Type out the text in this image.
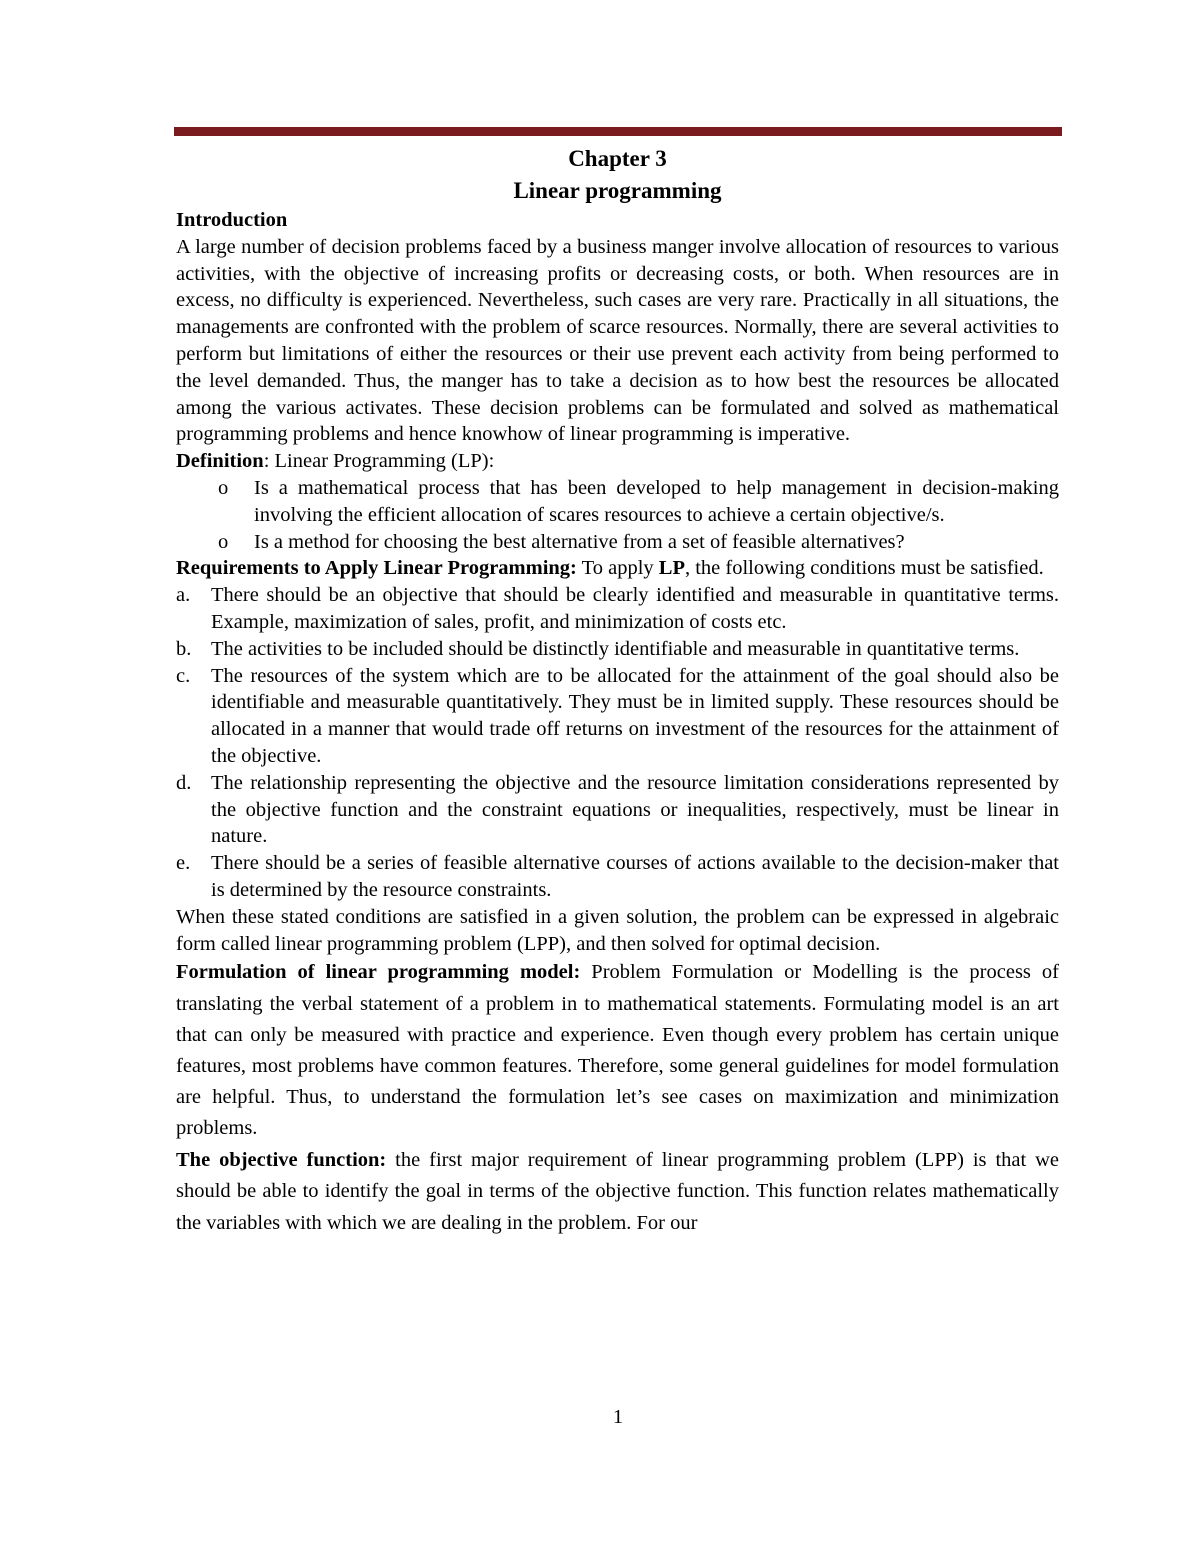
Chapter 3
Linear programming
Introduction

A large number of decision problems faced by a business manger involve allocation of resources to various activities, with the objective of increasing profits or decreasing costs, or both. When resources are in excess, no difficulty is experienced. Nevertheless, such cases are very rare. Practically in all situations, the managements are confronted with the problem of scarce resources. Normally, there are several activities to perform but limitations of either the resources or their use prevent each activity from being performed to the level demanded. Thus, the manger has to take a decision as to how best the resources be allocated among the various activates. These decision problems can be formulated and solved as mathematical programming problems and hence knowhow of linear programming is imperative.

Definition: Linear Programming (LP):

o Is a mathematical process that has been developed to help management in decision-making involving the efficient allocation of scares resources to achieve a certain objective/s.
o Is a method for choosing the best alternative from a set of feasible alternatives?

Requirements to Apply Linear Programming: To apply LP, the following conditions must be satisfied.

a. There should be an objective that should be clearly identified and measurable in quantitative terms. Example, maximization of sales, profit, and minimization of costs etc.
b. The activities to be included should be distinctly identifiable and measurable in quantitative terms.
c. The resources of the system which are to be allocated for the attainment of the goal should also be identifiable and measurable quantitatively. They must be in limited supply. These resources should be allocated in a manner that would trade off returns on investment of the resources for the attainment of the objective.
d. The relationship representing the objective and the resource limitation considerations represented by the objective function and the constraint equations or inequalities, respectively, must be linear in nature.
e. There should be a series of feasible alternative courses of actions available to the decision-maker that is determined by the resource constraints.

When these stated conditions are satisfied in a given solution, the problem can be expressed in algebraic form called linear programming problem (LPP), and then solved for optimal decision.

Formulation of linear programming model: Problem Formulation or Modelling is the process of translating the verbal statement of a problem in to mathematical statements. Formulating model is an art that can only be measured with practice and experience. Even though every problem has certain unique features, most problems have common features. Therefore, some general guidelines for model formulation are helpful. Thus, to understand the formulation let’s see cases on maximization and minimization problems.

The objective function: the first major requirement of linear programming problem (LPP) is that we should be able to identify the goal in terms of the objective function. This function relates mathematically the variables with which we are dealing in the problem. For our

1
